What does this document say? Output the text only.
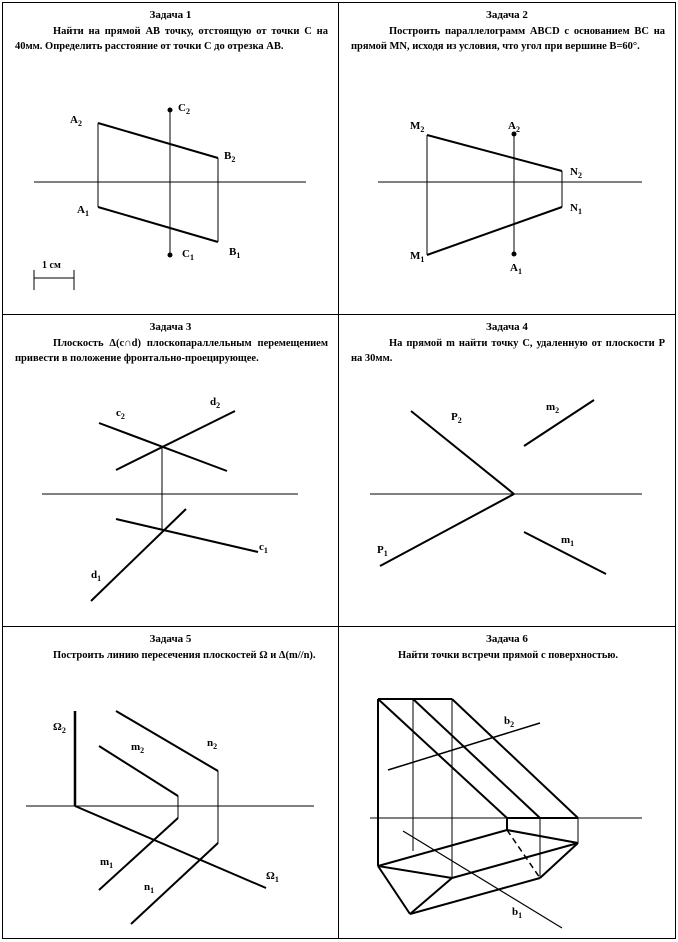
Задача 1
Найти на прямой AB точку, отстоящую от точки C на 40мм. Определить расстояние от точки C до отрезка AB.
$A_2$
$C_2$
$B_2$
$A_1$
$B_1$
$C_1$
1 см
Задача 2
Построить параллелограмм ABCD с основанием BC на прямой MN, исходя из условия, что угол при вершине B=60°.
$M_2$	$A_2$
$N_2$
$N_1$
$M_1$
$A_1$
Задача 3
Плоскость Δ(c∩d) плоскопараллельным перемещением привести в положение фронтально-проецирующее.
$c_2$
$d_2$
$c_1$
$d_1$
Задача 4
На прямой m найти точку C, удаленную от плоскости P на 30мм.
$P_2$
$m_2$
$P_1$
$m_1$
Задача 5
Построить линию пересечения плоскостей Ω и Δ(m//n).
$\Omega_2$
$m_2$
$n_2$
$m_1$
$n_1$
$\Omega_1$
Задача 6
Найти точки встречи прямой с поверхностью.
$b_2$
$b_1$
